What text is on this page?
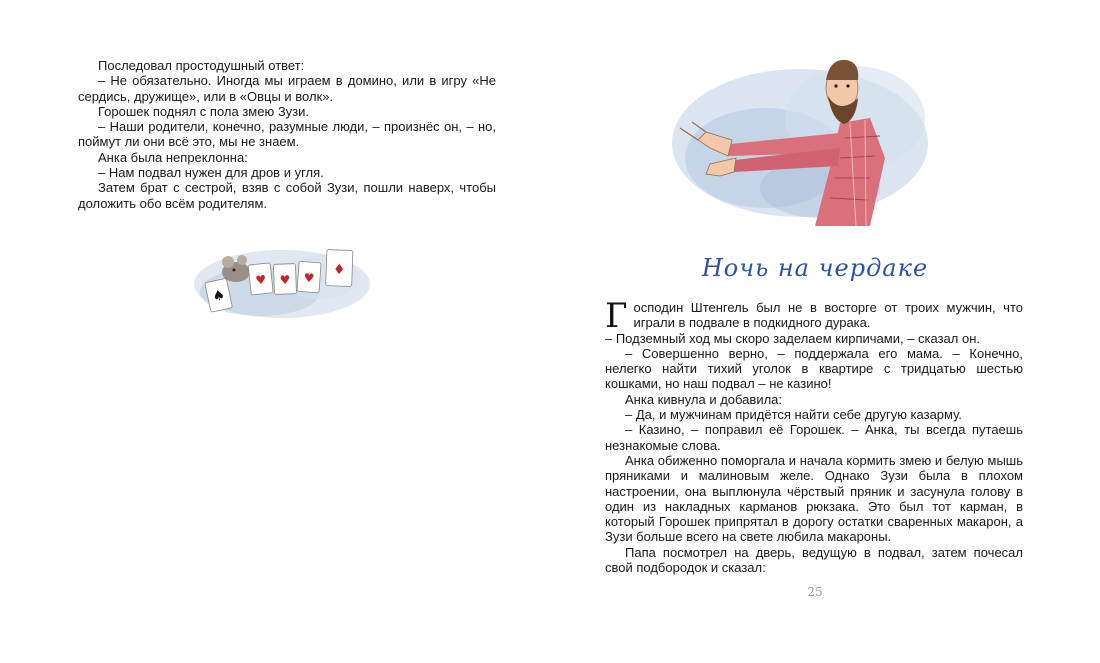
Последовал простодушный ответ:

– Не обязательно. Иногда мы играем в домино, или в игру «Не сердись, дружище», или в «Овцы и волк».

Горошек поднял с пола змею Зузи.

– Наши родители, конечно, разумные люди, – произнёс он, – но, поймут ли они всё это, мы не знаем.

Анка была непреклонна:

– Нам подвал нужен для дров и угля.

Затем брат с сестрой, взяв с собой Зузи, пошли наверх, чтобы доложить обо всём родителям.

♠
♥ ♥ ♥ ♦	Ночь на чердаке

Господин Штенгель был не в восторге от троих мужчин, что играли в подвале в подкидного дурака.

– Подземный ход мы скоро заделаем кирпичами, – сказал он.

– Совершенно верно, – поддержала его мама. – Конечно, нелегко найти тихий уголок в квартире с тридцатью шестью кошками, но наш подвал – не казино!

Анка кивнула и добавила:

– Да, и мужчинам придётся найти себе другую казарму.

– Казино, – поправил её Горошек. – Анка, ты всегда путаешь незнакомые слова.

Анка обиженно поморгала и начала кормить змею и белую мышь пряниками и малиновым желе. Однако Зузи была в плохом настроении, она выплюнула чёрствый пряник и засунула голову в один из накладных карманов рюкзака. Это был тот карман, в который Горошек припрятал в дорогу остатки сваренных макарон, а Зузи больше всего на свете любила макароны.

Папа посмотрел на дверь, ведущую в подвал, затем почесал свой подбородок и сказал:

25
